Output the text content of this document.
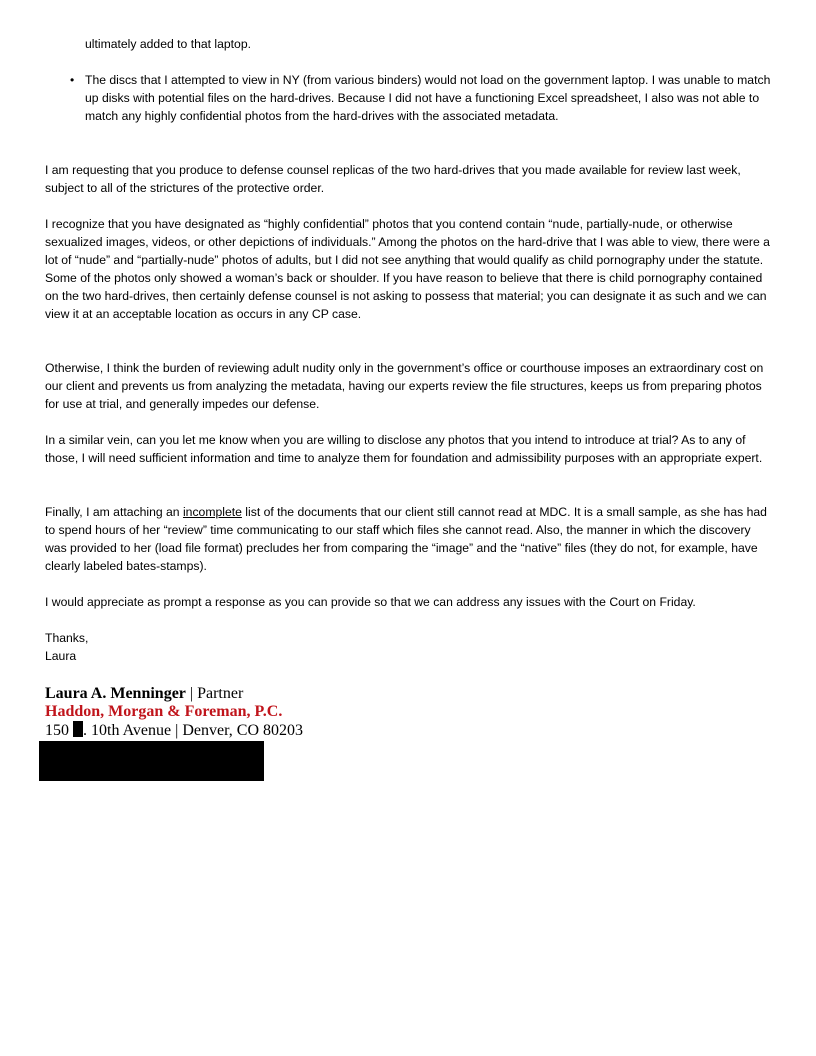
ultimately added to that laptop.

• The discs that I attempted to view in NY (from various binders) would not load on the government laptop. I was unable to match up disks with potential files on the hard-drives. Because I did not have a functioning Excel spreadsheet, I also was not able to match any highly confidential photos from the hard-drives with the associated metadata.

I am requesting that you produce to defense counsel replicas of the two hard-drives that you made available for review last week, subject to all of the strictures of the protective order.

I recognize that you have designated as “highly confidential” photos that you contend contain “nude, partially-nude, or otherwise sexualized images, videos, or other depictions of individuals.” Among the photos on the hard-drive that I was able to view, there were a lot of “nude” and “partially-nude” photos of adults, but I did not see anything that would qualify as child pornography under the statute. Some of the photos only showed a woman’s back or shoulder. If you have reason to believe that there is child pornography contained on the two hard-drives, then certainly defense counsel is not asking to possess that material; you can designate it as such and we can view it at an acceptable location as occurs in any CP case.

Otherwise, I think the burden of reviewing adult nudity only in the government’s office or courthouse imposes an extraordinary cost on our client and prevents us from analyzing the metadata, having our experts review the file structures, keeps us from preparing photos for use at trial, and generally impedes our defense.

In a similar vein, can you let me know when you are willing to disclose any photos that you intend to introduce at trial? As to any of those, I will need sufficient information and time to analyze them for foundation and admissibility purposes with an appropriate expert.

Finally, I am attaching an incomplete list of the documents that our client still cannot read at MDC. It is a small sample, as she has had to spend hours of her “review” time communicating to our staff which files she cannot read. Also, the manner in which the discovery was provided to her (load file format) precludes her from comparing the “image” and the “native” files (they do not, for example, have clearly labeled bates-stamps).

I would appreciate as prompt a response as you can provide so that we can address any issues with the Court on Friday.

Thanks,

Laura

Laura A. Menninger | Partner
Haddon, Morgan & Foreman, P.C.
150 . 10th Avenue | Denver, CO 80203
